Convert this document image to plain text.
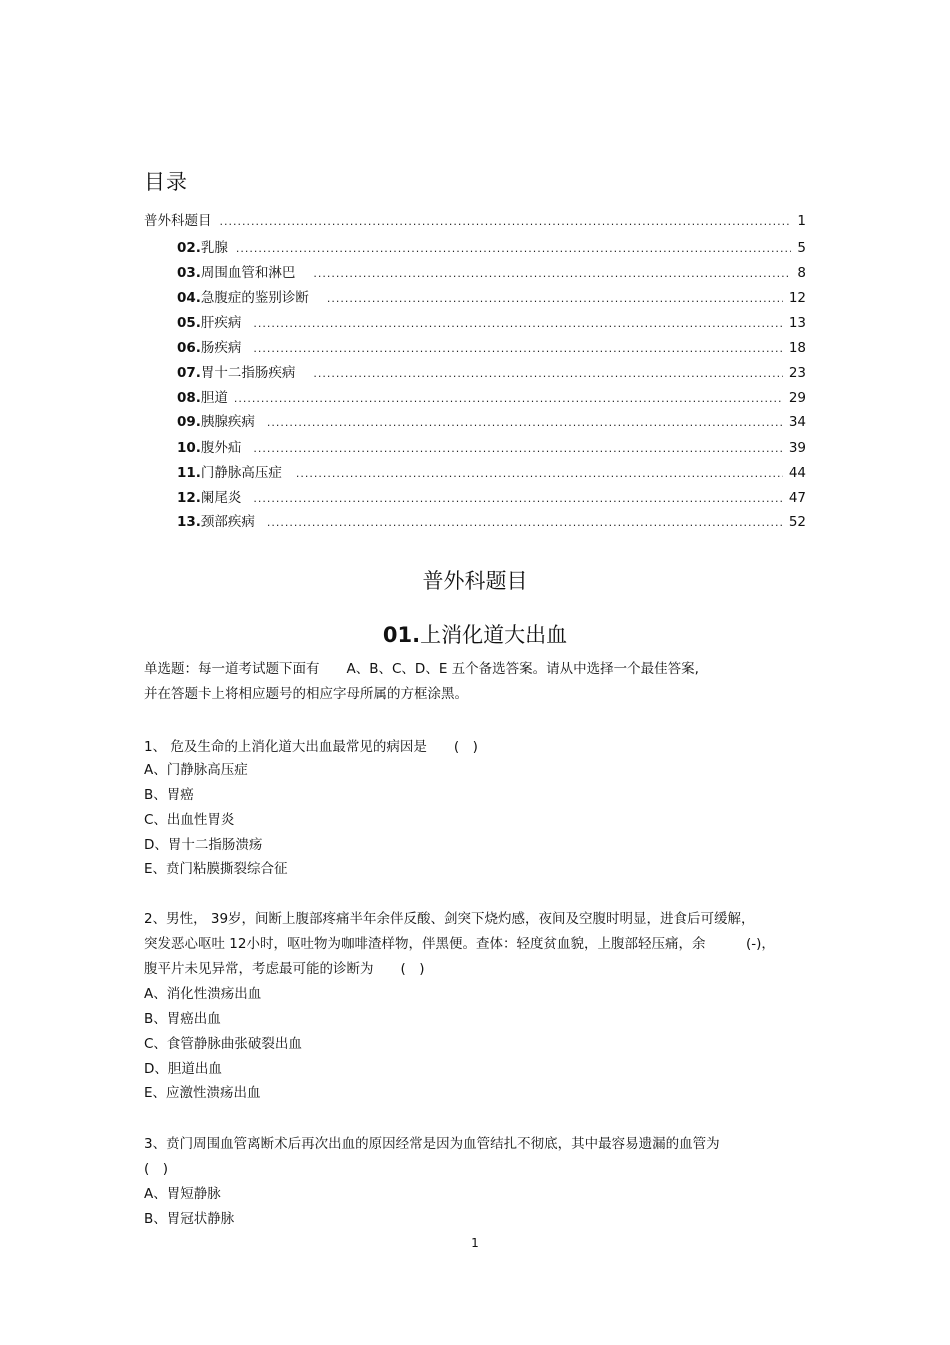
目录
普外科题目 .....	1
02.乳腺 .....	5
03.周围血管和淋巴 .....	8
04.急腹症的鉴别诊断 .....	12
05.肝疾病 .....	13
06.肠疾病 .....	18
07.胃十二指肠疾病 .....	23
08.胆道 .....	29
09.胰腺疾病 .....	34
10.腹外疝 .....	39
11.门静脉高压症 .....	44
12.阑尾炎 .....	47
13.颈部疾病 .....	52
普外科题目
01.上消化道大出血
单选题：每一道考试题下面有　　A、B、C、D、E 五个备选答案。请从中选择一个最佳答案,
并在答题卡上将相应题号的相应字母所属的方框涂黑。
1、 危及生命的上消化道大出血最常见的病因是　　(　)
A、门静脉高压症
B、胃癌
C、出血性胃炎
D、胃十二指肠溃疡
E、贲门粘膜撕裂综合征
2、男性， 39岁，间断上腹部疼痛半年余伴反酸、剑突下烧灼感，夜间及空腹时明显，进食后可缓解，
突发恶心呕吐 12小时，呕吐物为咖啡渣样物，伴黑便。查体：轻度贫血貌，上腹部轻压痛，余　　　(-)，
腹平片未见异常，考虑最可能的诊断为　　(　)
A、消化性溃疡出血
B、胃癌出血
C、食管静脉曲张破裂出血
D、胆道出血
E、应激性溃疡出血
3、贲门周围血管离断术后再次出血的原因经常是因为血管结扎不彻底，其中最容易遗漏的血管为
(　)
A、胃短静脉
B、胃冠状静脉
1
